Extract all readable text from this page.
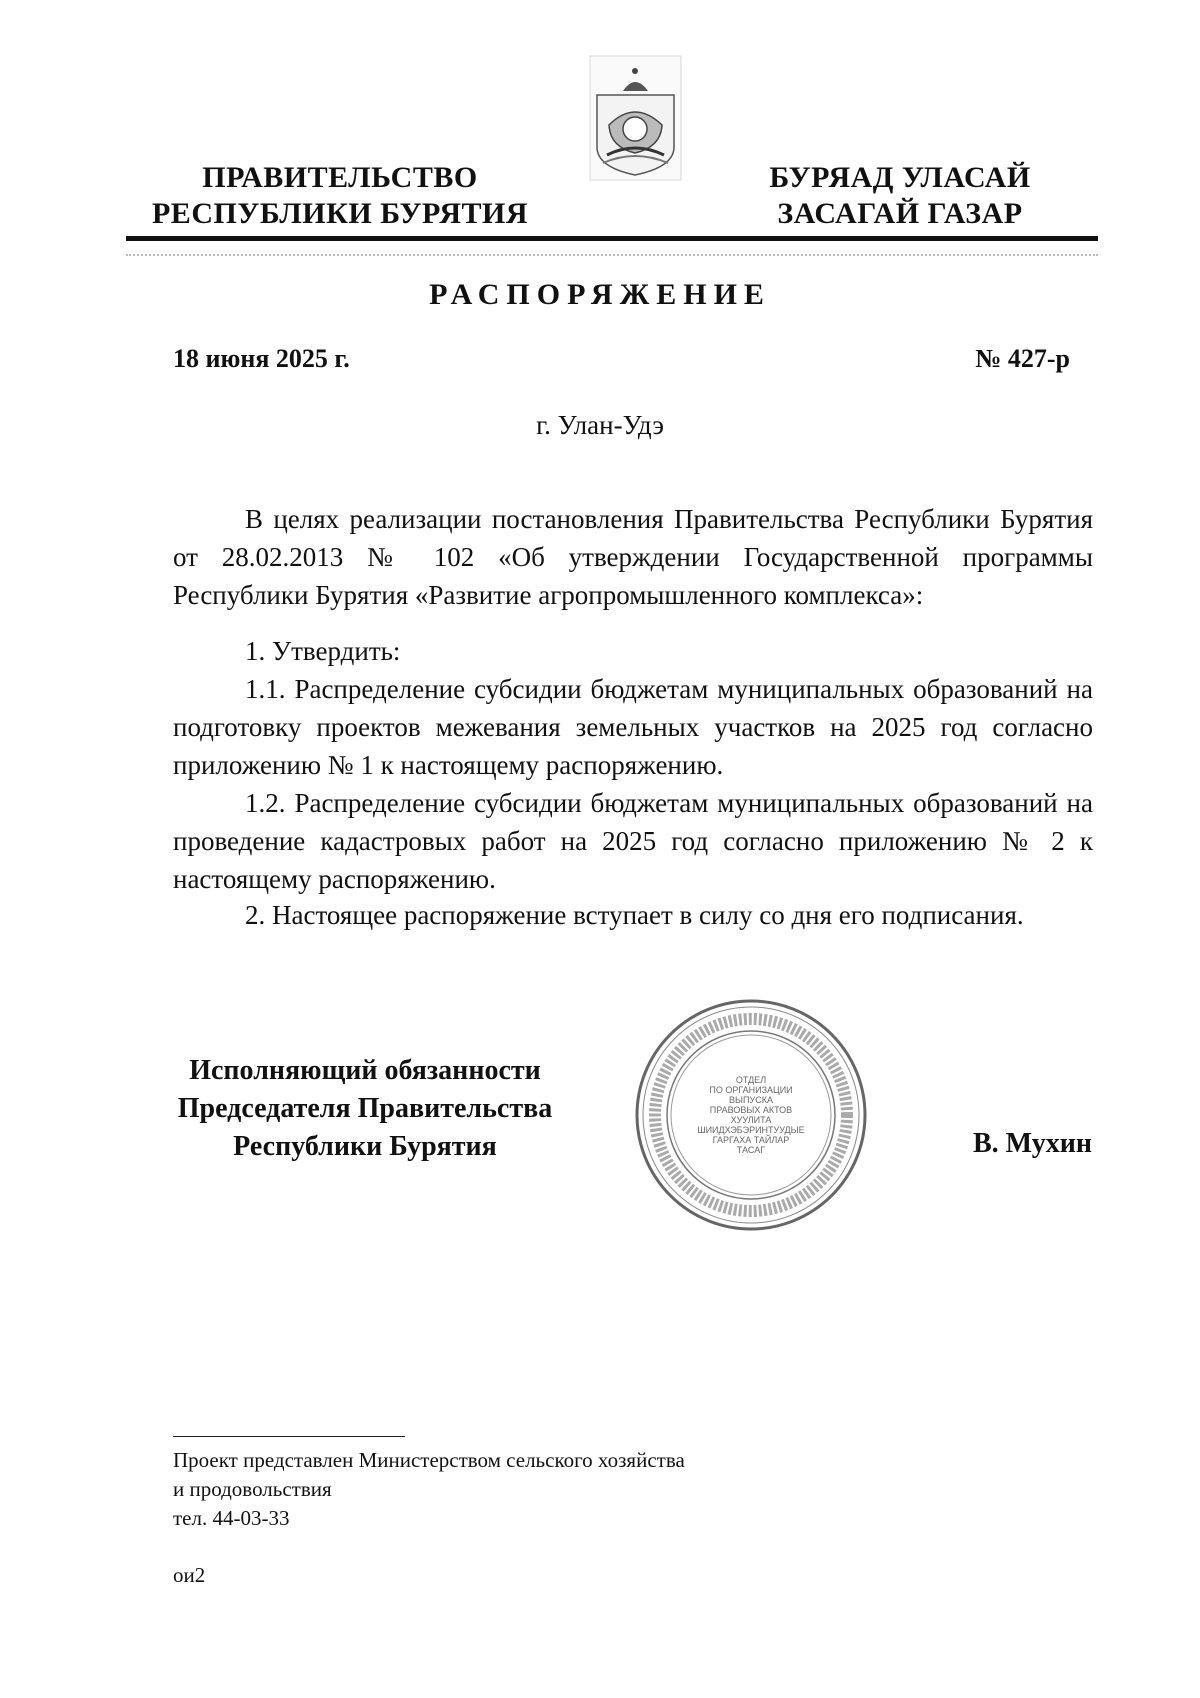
ПРАВИТЕЛЬСТВО
РЕСПУБЛИКИ БУРЯТИЯ
БУРЯАД УЛАСАЙ
ЗАСАГАЙ ГАЗАР
РАСПОРЯЖЕНИЕ
18 июня 2025 г.	№ 427-р
г. Улан-Удэ

В целях реализации постановления Правительства Республики Бурятия от 28.02.2013 № 102 «Об утверждении Государственной программы Республики Бурятия «Развитие агропромышленного комплекса»:

1. Утвердить:

1.1. Распределение субсидии бюджетам муниципальных образований на подготовку проектов межевания земельных участков на 2025 год согласно приложению № 1 к настоящему распоряжению.

1.2. Распределение субсидии бюджетам муниципальных образований на проведение кадастровых работ на 2025 год согласно приложению № 2 к настоящему распоряжению.

2. Настоящее распоряжение вступает в силу со дня его подписания.

Исполняющий обязанности
Председателя Правительства
Республики Бурятия
ОТДЕЛ
ПО ОРГАНИЗАЦИИ
ВЫПУСКА
ПРАВОВЫХ АКТОВ
ХУУЛИТА
ШИИДХЭБЭРИНТУУДЫЕ
ГАРГАХА ТАЙЛАР
ТАСАГ	В. Мухин
Проект представлен Министерством сельского хозяйства
и продовольствия
тел. 44-03-33
ои2
